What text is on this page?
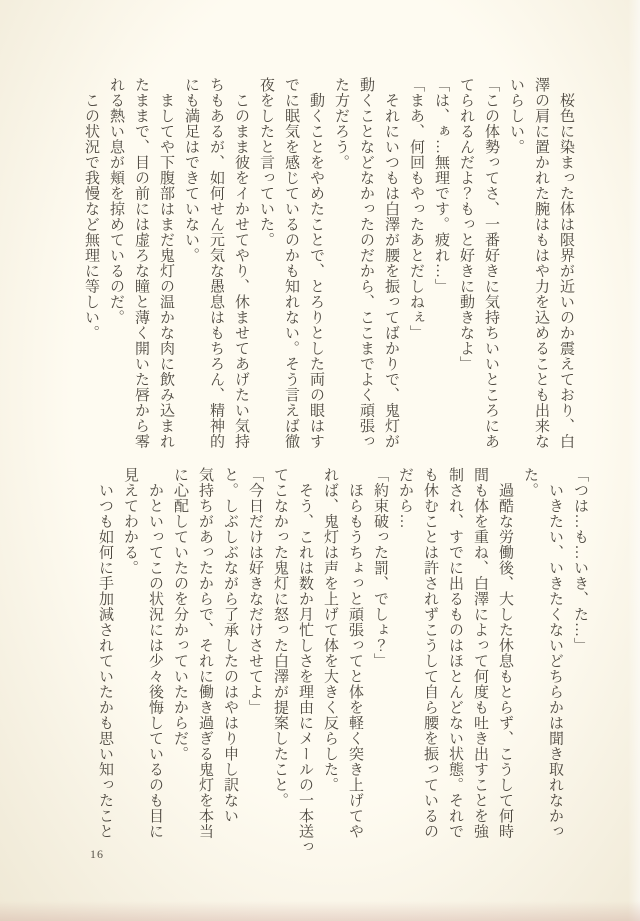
　桜色に染まった体は限界が近いのか震えており、白
澤の肩に置かれた腕はもはや力を込めることも出来な
いらしい。
「この体勢ってさ、一番好きに気持ちいいところにあ
てられるんだよ？もっと好きに動きなよ」
「は、ぁ…無理です。疲れ…」
「まあ、何回もやったあとだしねぇ」
　それにいつもは白澤が腰を振ってばかりで、鬼灯が
動くことなどなかったのだから、ここまでよく頑張っ
た方だろう。
　動くことをやめたことで、とろりとした両の眼はす
でに眠気を感じているのかも知れない。そう言えば徹
夜をしたと言っていた。
　このまま彼をイかせてやり、休ませてあげたい気持
ちもあるが、如何せん元気な愚息はもちろん、精神的
にも満足はできていない。
　ましてや下腹部はまだ鬼灯の温かな肉に飲み込まれ
たままで、目の前には虚ろな瞳と薄く開いた唇から零
れる熱い息が頬を掠めているのだ。
　この状況で我慢など無理に等しい。
「つは…も…いき、た…」
　いきたい、いきたくないどちらかは聞き取れなかっ
た。
　過酷な労働後、大した休息もとらず、こうして何時
間も体を重ね、白澤によって何度も吐き出すことを強
制され、すでに出るものはほとんどない状態。それで
も休むことは許されずこうして自ら腰を振っているの
だから…
「約束破った罰、でしょ？」
　ほらもうちょっと頑張ってと体を軽く突き上げてや
れば、鬼灯は声を上げて体を大きく反らした。
　そう、これは数か月忙しさを理由にメールの一本送っ
てこなかった鬼灯に怒った白澤が提案したこと。
「今日だけは好きなだけさせてよ」
と。しぶしぶながら了承したのはやはり申し訳ない
気持ちがあったからで、それに働き過ぎる鬼灯を本当
に心配していたのを分かっていたからだ。
　かといってこの状況には少々後悔しているのも目に
見えてわかる。
　いつも如何に手加減されていたかも思い知ったこと
16
